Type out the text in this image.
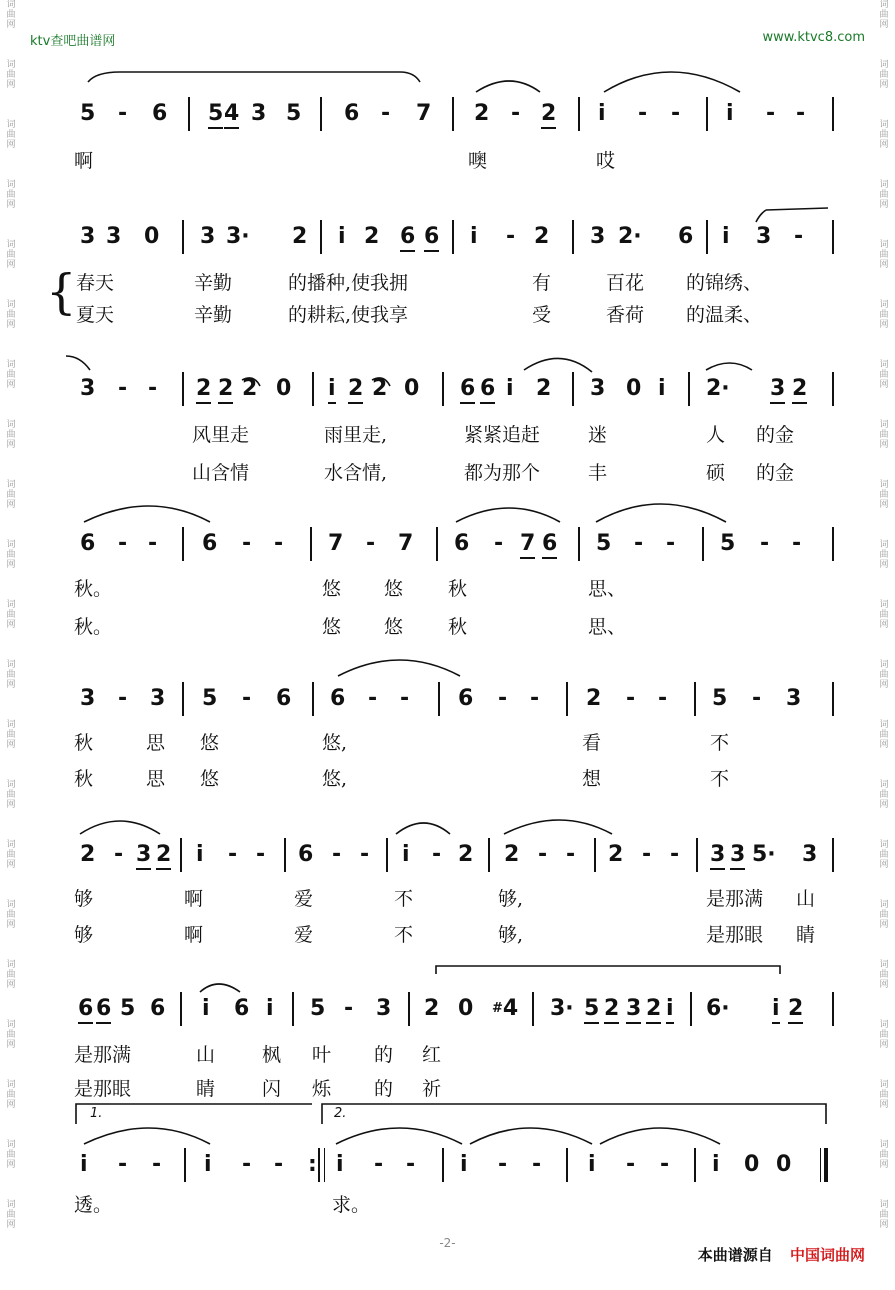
词
曲
网
词
曲
网
词
曲
网
词
曲
网
词
曲
网
词
曲
网
词
曲
网
词
曲
网
词
曲
网
词
曲
网
词
曲
网
词
曲
网
词
曲
网
词
曲
网
词
曲
网
词
曲
网
词
曲
网
词
曲
网
词
曲
网
词
曲
网
词
曲
网
词
曲
网
词
曲
网
词
曲
网
词
曲
网
词
曲
网
词
曲
网
词
曲
网
词
曲
网
词
曲
网
词
曲
网
词
曲
网
词
曲
网
词
曲
网
词
曲
网
词
曲
网
词
曲
网
词
曲
网
词
曲
网
词
曲
网
词
曲
网
词
曲
网
ktv查吧曲谱网	www.ktvc8.com
5 - 6 5 4 3 5 6 - 7 2 - 2 i - - i - -
啊	噢	哎
3 3 0 3 3· 2 i 2 6 6 i - 2 3 2· 6 i 3 -
{ 春天	辛勤	的播种,使我拥	有	百花 的锦绣、
夏天	辛勤	的耕耘,使我享	受	香荷 的温柔、
3 - - 2 2 2 0 i 2 2 0 6 6 i 2 3 0 i 2· 3 2
风里走	雨里走,	紧紧追赶	迷	人 的金
山含情	水含情,	都为那个	丰	硕 的金
6 - - 6 - - 7 - 7 6 - 7 6 5 - - 5 - -
秋。	悠 悠 秋	思、
秋。	悠 悠 秋	思、
3 - 3 5 - 6 6 - - 6 - - 2 - - 5 - 3
秋	思 悠	悠,	看	不
秋	思 悠	悠,	想	不
2 - 3 2 i - - 6 - - i - 2 2 - - 2 - - 3 3 5· 3
够	啊	爱	不	够,	是那满 山
够	啊	爱	不	够,	是那眼 睛
6 6 5 6 i 6 i 5 - 3 2 0 #4 3· 5 2 3 2 i 6· i 2
是那满	山 枫 叶 的 红
是那眼	睛 闪 烁 的 祈
1.	2.
i - - i - - : i - - i - - i - - i 0 0
透。	求。
-2-
本曲谱源自 中国词曲网
